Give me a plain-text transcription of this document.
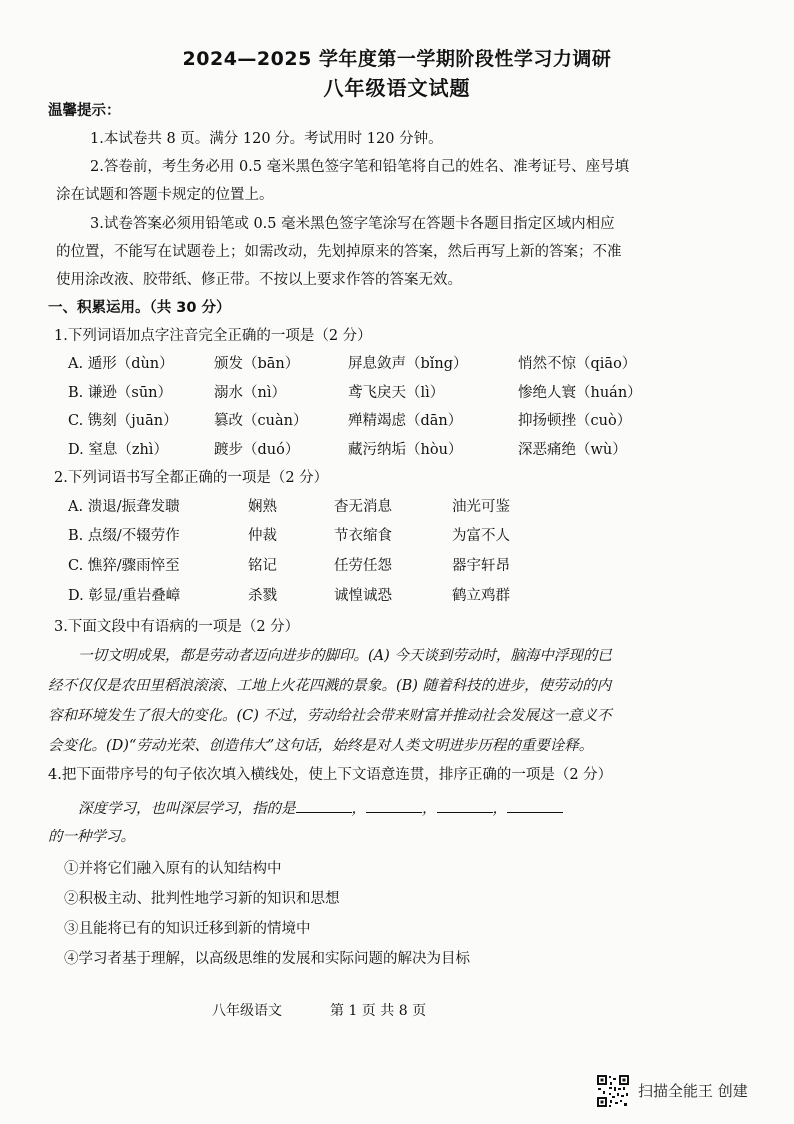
2024—2025 学年度第一学期阶段性学习力调研
八年级语文试题
温馨提示：
1.本试卷共 8 页。满分 120 分。考试用时 120 分钟。
2.答卷前，考生务必用 0.5 毫米黑色签字笔和铅笔将自己的姓名、准考证号、座号填
涂在试题和答题卡规定的位置上。
3.试卷答案必须用铅笔或 0.5 毫米黑色签字笔涂写在答题卡各题目指定区域内相应
的位置，不能写在试题卷上；如需改动，先划掉原来的答案，然后再写上新的答案；不准
使用涂改液、胶带纸、修正带。不按以上要求作答的答案无效。
一、积累运用。（共 30 分）
1.下列词语加点字注音完全正确的一项是（2 分）
A. 遁形（dùn）	颁发（bān）	屏息敛声（bǐng）	悄然不惊（qiāo）
B. 谦逊（sūn）	溺水（nì）	鸢飞戾天（lì）	惨绝人寰（huán）
C. 镌刻（juān）	篡改（cuàn）	殚精竭虑（dān）	抑扬顿挫（cuò）
D. 窒息（zhì）	踱步（duó）	藏污纳垢（hòu）	深恶痛绝（wù）
2.下列词语书写全都正确的一项是（2 分）
A. 溃退/振聋发聩	娴熟	杳无消息	油光可鉴
B. 点缀/不辍劳作	仲裁	节衣缩食	为富不人
C. 憔猝/骤雨悴至	铭记	任劳任怨	器宇轩昂
D. 彰显/重岩叠嶂	杀戮	诚惶诚恐	鹤立鸡群
3.下面文段中有语病的一项是（2 分）
一切文明成果，都是劳动者迈向进步的脚印。(A) 今天谈到劳动时，脑海中浮现的已
经不仅仅是农田里稻浪滚滚、工地上火花四溅的景象。(B) 随着科技的进步，使劳动的内
容和环境发生了很大的变化。(C) 不过，劳动给社会带来财富并推动社会发展这一意义不
会变化。(D)“劳动光荣、创造伟大”这句话，始终是对人类文明进步历程的重要诠释。
4.把下面带序号的句子依次填入横线处，使上下文语意连贯，排序正确的一项是（2 分）
深度学习，也叫深层学习，指的是	，	，	，
的一种学习。
①并将它们融入原有的认知结构中
②积极主动、批判性地学习新的知识和思想
③且能将已有的知识迁移到新的情境中
④学习者基于理解，以高级思维的发展和实际问题的解决为目标
八年级语文	第 1 页 共 8 页
扫描全能王 创建
